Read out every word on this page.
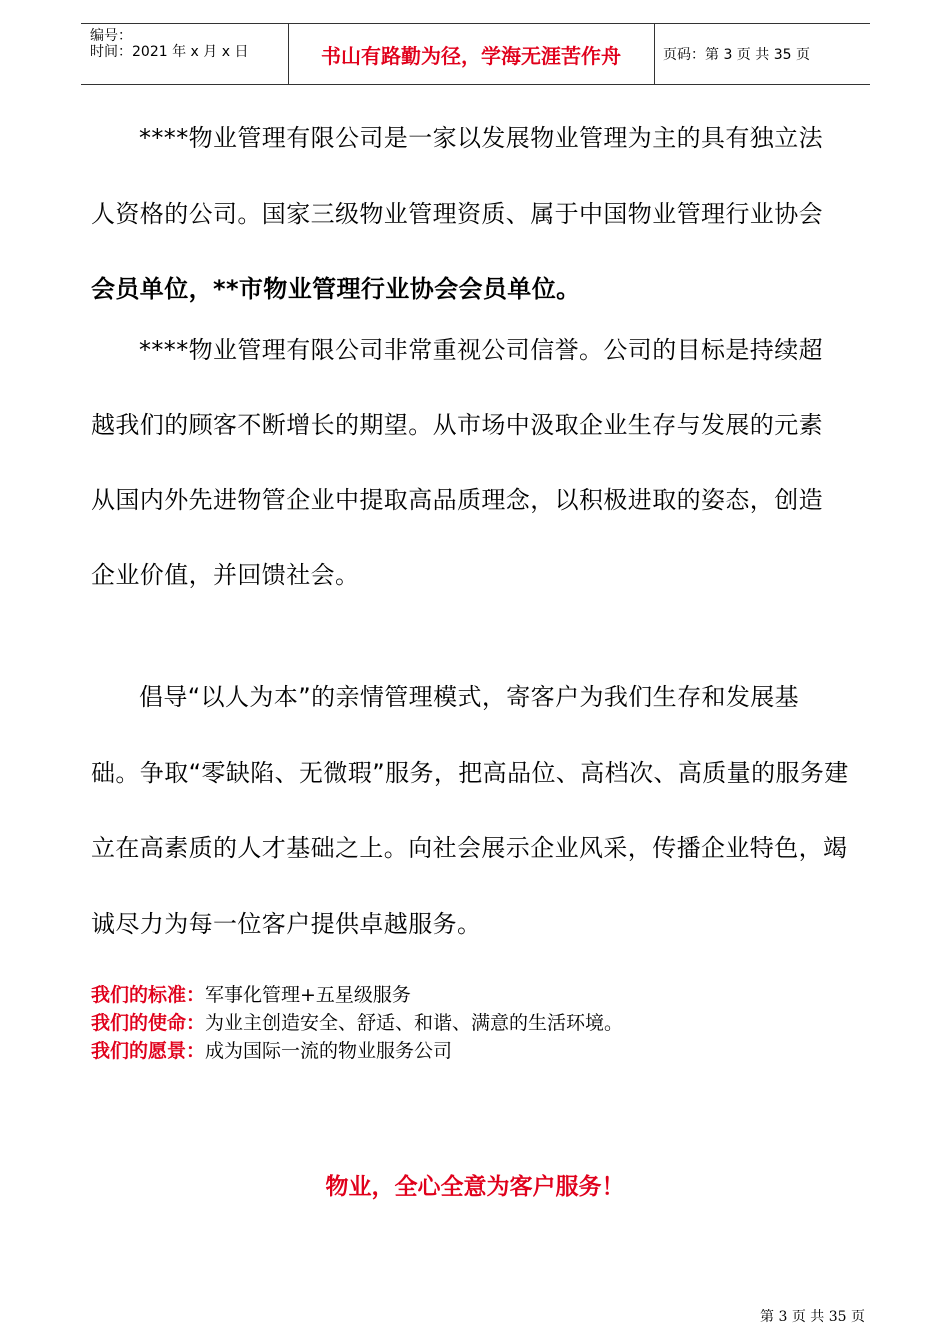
编号：
时间：2021 年 x 月 x 日	书山有路勤为径，学海无涯苦作舟	页码：第 3 页 共 35 页
****物业管理有限公司是一家以发展物业管理为主的具有独立法
人资格的公司。国家三级物业管理资质、属于中国物业管理行业协会
会员单位，**市物业管理行业协会会员单位。
****物业管理有限公司非常重视公司信誉。公司的目标是持续超
越我们的顾客不断增长的期望。从市场中汲取企业生存与发展的元素
从国内外先进物管企业中提取高品质理念，以积极进取的姿态，创造
企业价值，并回馈社会。
倡导“以人为本”的亲情管理模式，寄客户为我们生存和发展基
础。争取“零缺陷、无微瑕”服务，把高品位、高档次、高质量的服务建
立在高素质的人才基础之上。向社会展示企业风采，传播企业特色，竭
诚尽力为每一位客户提供卓越服务。
我们的标准：军事化管理+五星级服务
我们的使命：为业主创造安全、舒适、和谐、满意的生活环境。
我们的愿景：成为国际一流的物业服务公司
物业，全心全意为客户服务！
第 3 页 共 35 页
